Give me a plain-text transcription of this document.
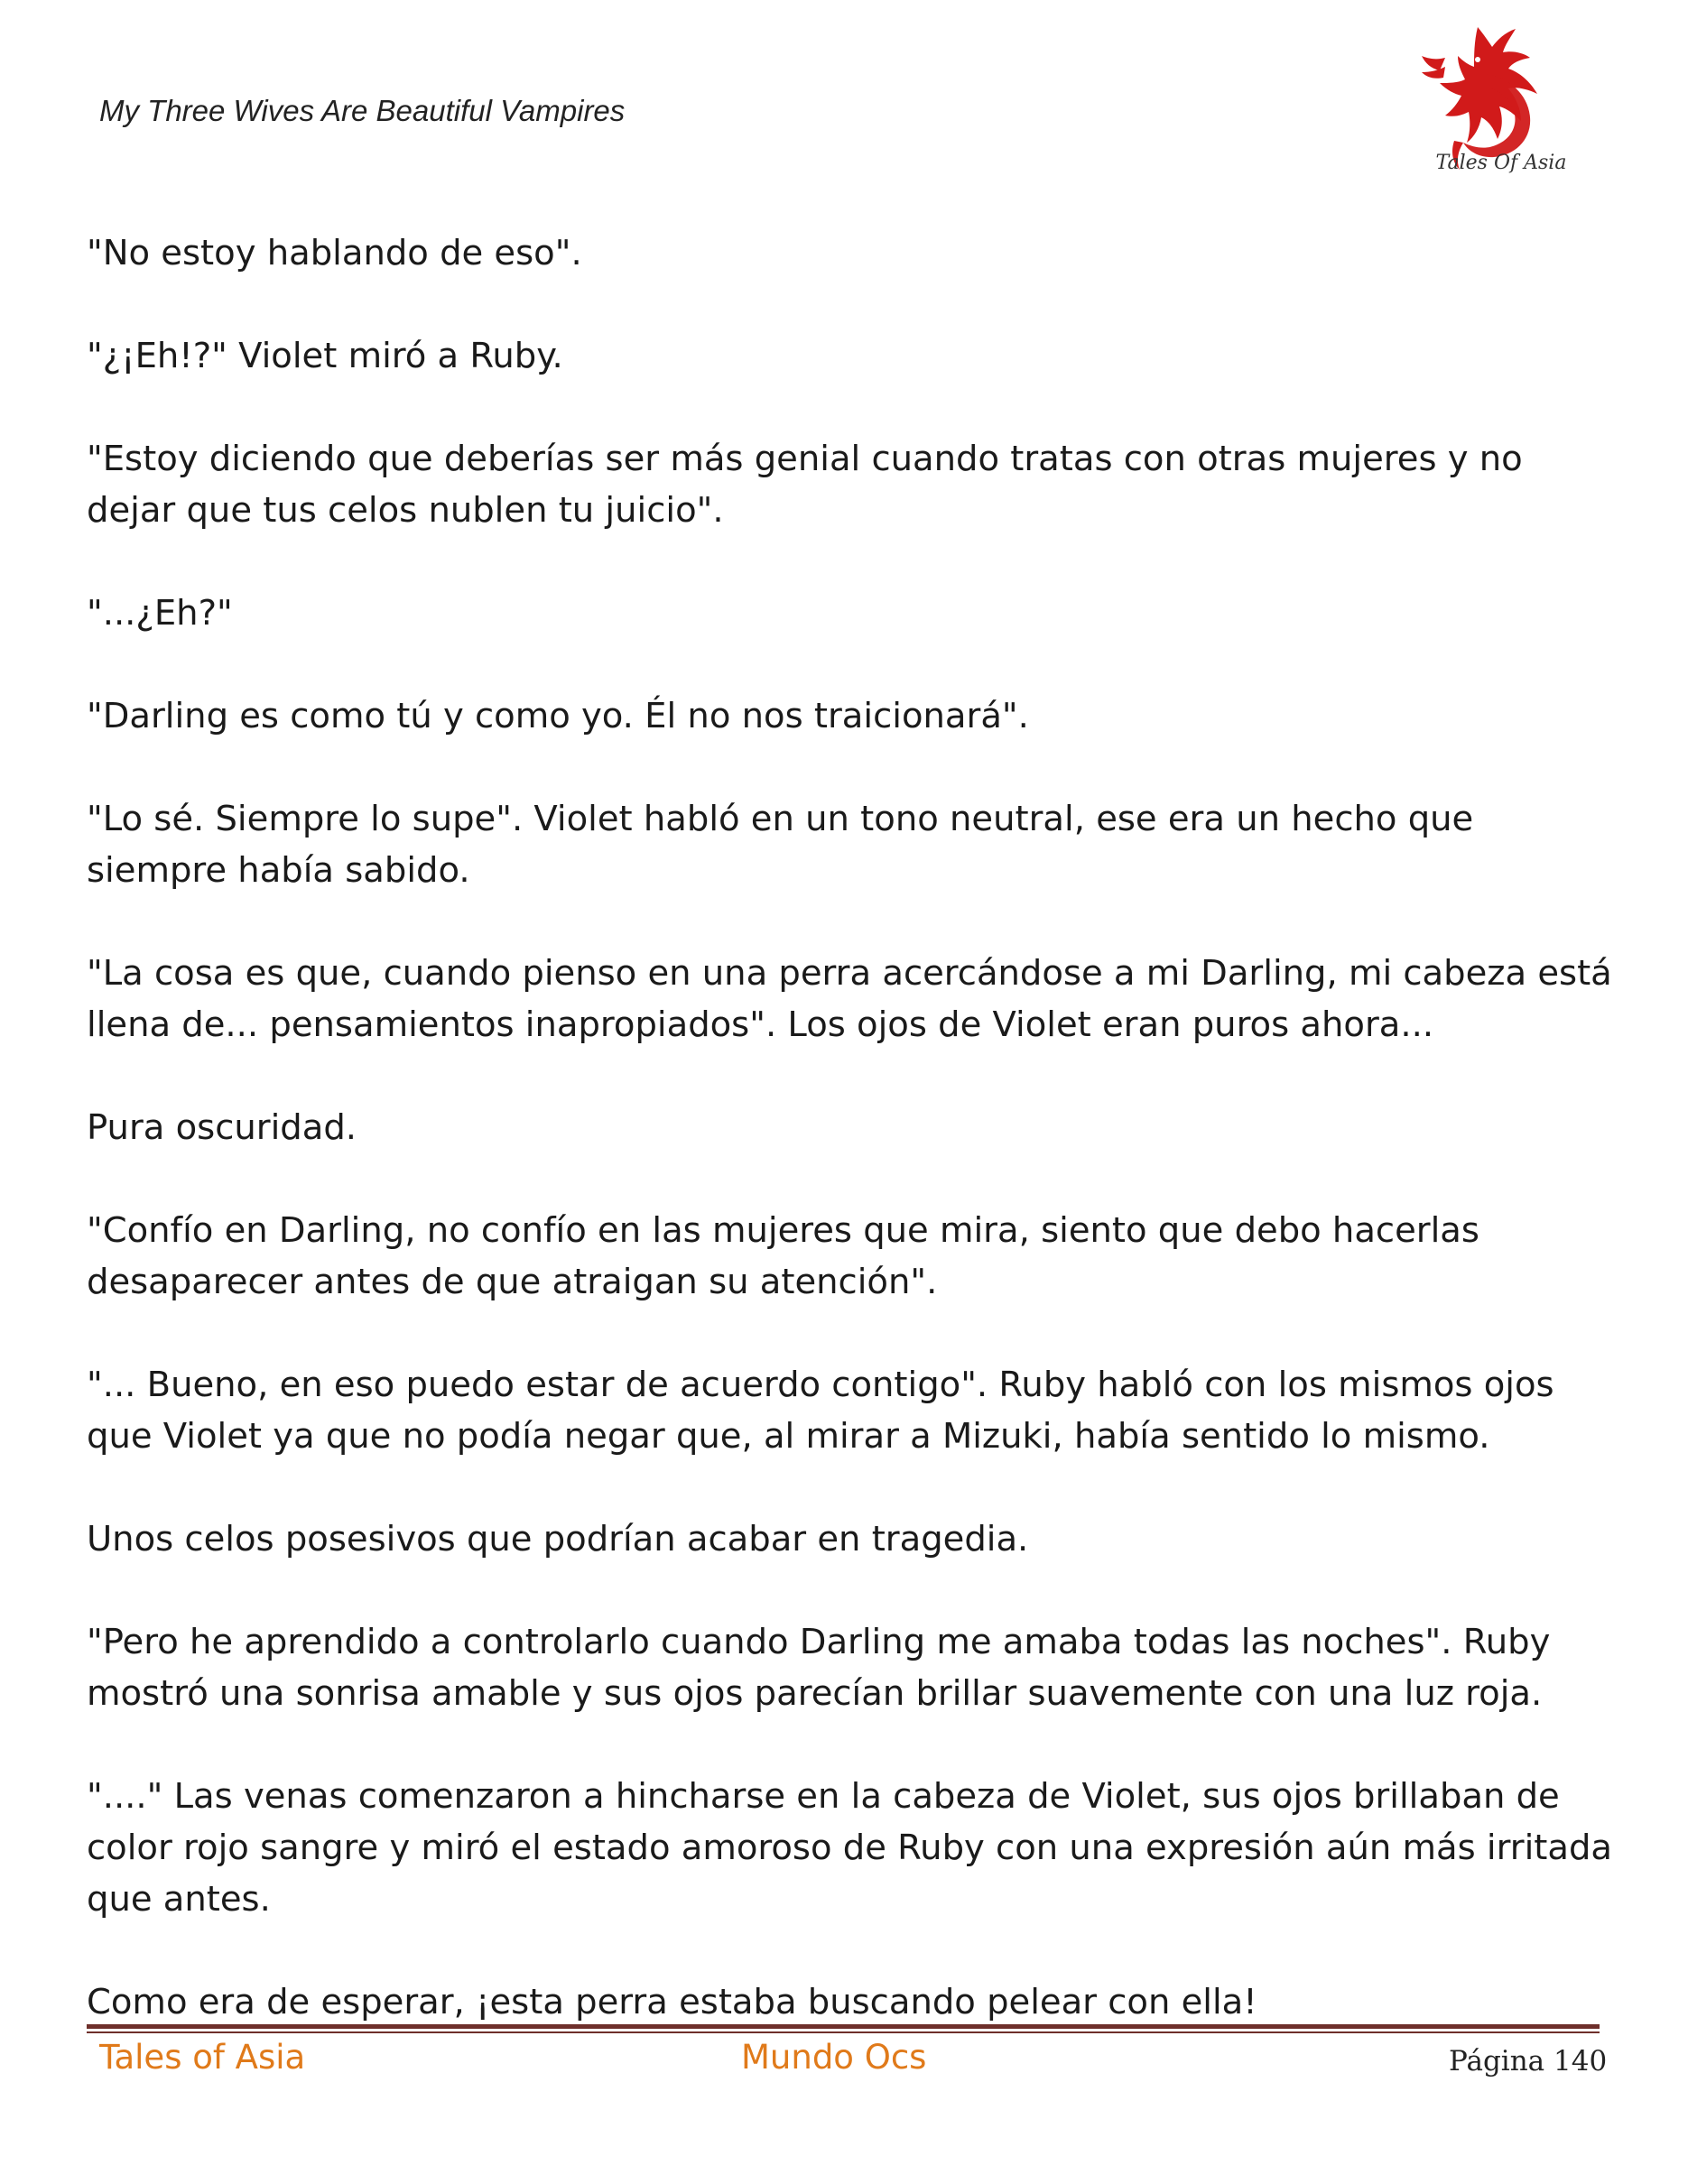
My Three Wives Are Beautiful Vampires
Tales Of Asia

"No estoy hablando de eso".

"¿¡Eh!?" Violet miró a Ruby.

"Estoy diciendo que deberías ser más genial cuando tratas con otras mujeres y no dejar que tus celos nublen tu juicio".

"...¿Eh?"

"Darling es como tú y como yo. Él no nos traicionará".

"Lo sé. Siempre lo supe". Violet habló en un tono neutral, ese era un hecho que siempre había sabido.

"La cosa es que, cuando pienso en una perra acercándose a mi Darling, mi cabeza está llena de... pensamientos inapropiados". Los ojos de Violet eran puros ahora...

Pura oscuridad.

"Confío en Darling, no confío en las mujeres que mira, siento que debo hacerlas desaparecer antes de que atraigan su atención".

"... Bueno, en eso puedo estar de acuerdo contigo". Ruby habló con los mismos ojos que Violet ya que no podía negar que, al mirar a Mizuki, había sentido lo mismo.

Unos celos posesivos que podrían acabar en tragedia.

"Pero he aprendido a controlarlo cuando Darling me amaba todas las noches". Ruby mostró una sonrisa amable y sus ojos parecían brillar suavemente con una luz roja.

"...." Las venas comenzaron a hincharse en la cabeza de Violet, sus ojos brillaban de color rojo sangre y miró el estado amoroso de Ruby con una expresión aún más irritada que antes.

Como era de esperar, ¡esta perra estaba buscando pelear con ella!

Tales of Asia	Mundo Ocs	Página 140
